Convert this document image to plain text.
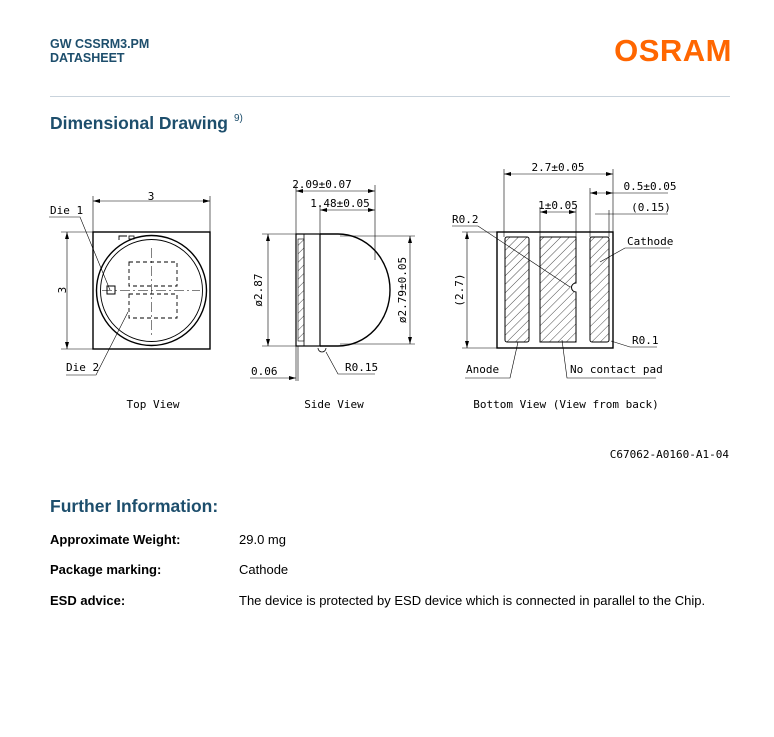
GW CSSRM3.PM
DATASHEET	OSRAM
Dimensional Drawing $^{9)}$
3
3
Die 1
Die 2
Top View
2.09±0.07
1.48±0.05
ø2.87	ø2.79±0.05
0.06	R0.15
Side View
2.7±0.05
0.5±0.05
1±0.05	(0.15)
(2.7)
R0.2
Cathode
R0.1
Anode	No contact pad
Bottom View (View from back)
C67062-A0160-A1-04
Further Information:
Approximate Weight:	29.0 mg
Package marking:	Cathode
ESD advice:	The device is protected by ESD device which is connected in parallel to the Chip.
